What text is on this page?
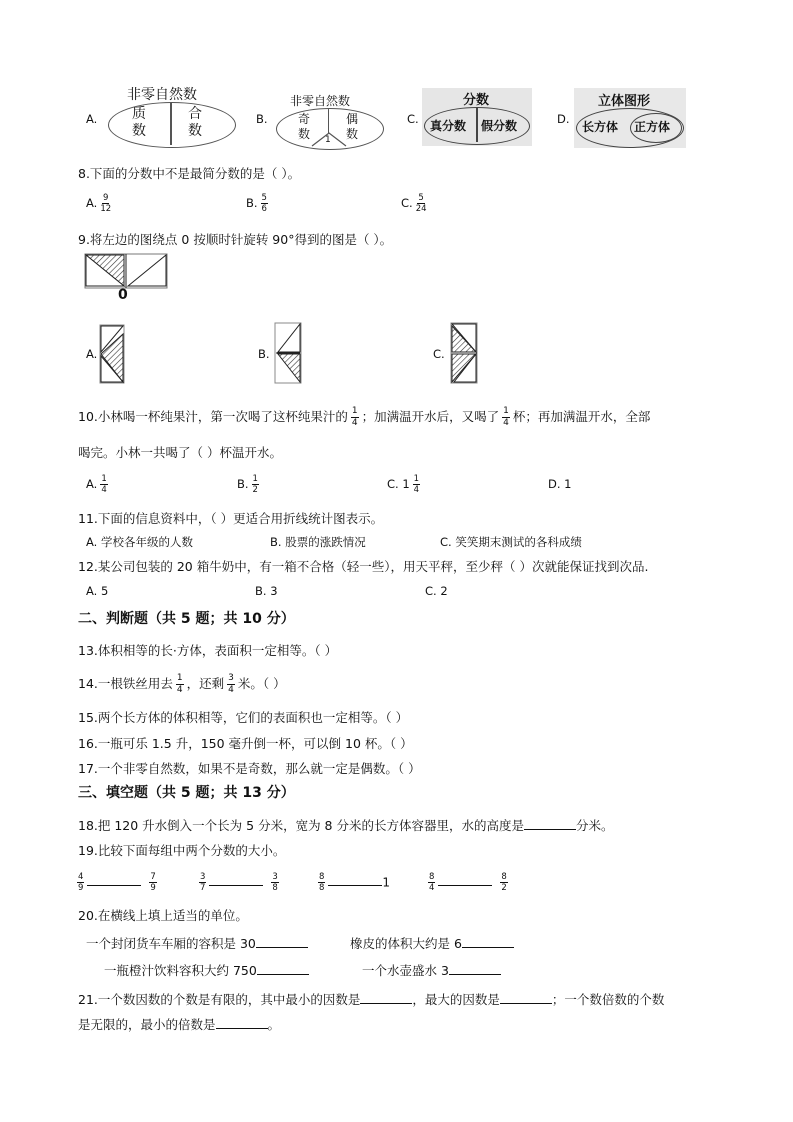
A.
非零自然数
质
数
合
数
B.
非零自然数
奇
数
偶
数
1
C.
分数
真分数 假分数	D.
立体图形
长方体 正方体
8.下面的分数中不是最简分数的是（ ）。
A. $\frac{9}{12}$	B. $\frac{5}{6}$	C. $\frac{5}{24}$
9.将左边的图绕点 0 按顺时针旋转 90°得到的图是（ ）。
0
A.	B.	C.
10.小林喝一杯纯果汁，第一次喝了这杯纯果汁的 $\frac{1}{4}$ ；加满温开水后，又喝了 $\frac{1}{4}$ 杯；再加满温开水，全部
喝完。小林一共喝了（ ）杯温开水。
A. $\frac{1}{4}$	B. $\frac{1}{2}$	C. $1 \frac{1}{4}$	D. 1
11.下面的信息资料中，（ ）更适合用折线统计图表示。
A. 学校各年级的人数	B. 股票的涨跌情况	C. 笑笑期末测试的各科成绩
12.某公司包装的 20 箱牛奶中，有一箱不合格（轻一些），用天平秤，至少秤（ ）次就能保证找到次品.
A. 5	B. 3	C. 2
二、判断题（共 5 题；共 10 分）
13.体积相等的长·方体，表面积一定相等。（ ）
14.一根铁丝用去 $\frac{1}{4}$ ，还剩 $\frac{3}{4}$ 米。（ ）
15.两个长方体的体积相等，它们的表面积也一定相等。（ ）
16.一瓶可乐 1.5 升，150 毫升倒一杯，可以倒 10 杯。（ ）
17.一个非零自然数，如果不是奇数，那么就一定是偶数。（ ）
三、填空题（共 5 题；共 13 分）
18.把 120 升水倒入一个长为 5 分米，宽为 8 分米的长方体容器里，水的高度是	分米。
19.比较下面每组中两个分数的大小。
$\frac{4}{9}$	$\frac{7}{9}$	$\frac{3}{7}$	$\frac{3}{8}$	$\frac{8}{8}$	1	$\frac{8}{4}$	$\frac{8}{2}$
20.在横线上填上适当的单位。
一个封闭货车车厢的容积是 30	橡皮的体积大约是 6
一瓶橙汁饮料容积大约 750	一个水壶盛水 3
21.一个数因数的个数是有限的，其中最小的因数是	，最大的因数是	；一个数倍数的个数
是无限的，最小的倍数是	。
